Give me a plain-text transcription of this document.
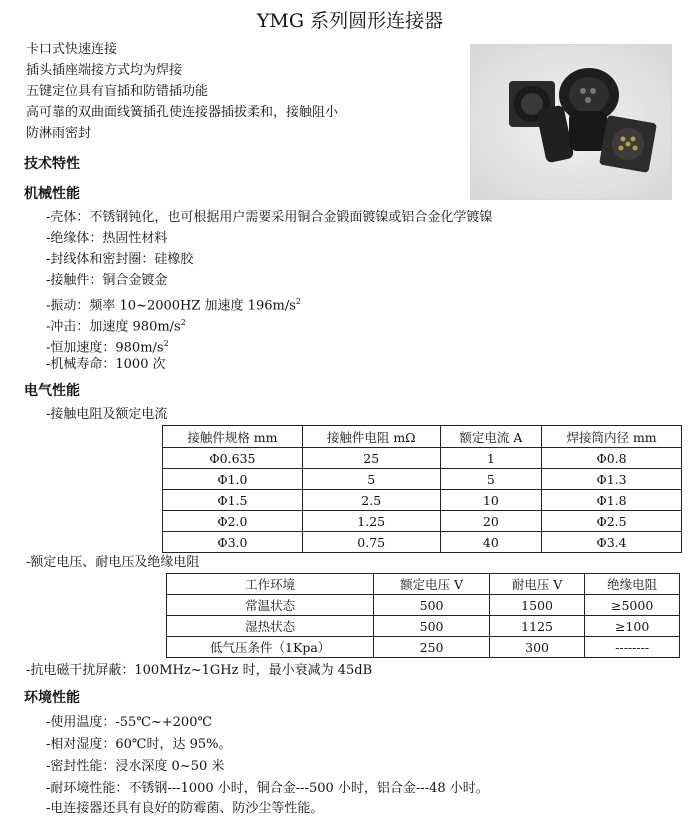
YMG 系列圆形连接器
卡口式快速连接
插头插座端接方式均为焊接
五键定位具有盲插和防错插功能
高可靠的双曲面线簧插孔使连接器插拔柔和，接触阻小
防淋雨密封
技术特性
机械性能
-壳体：不锈钢钝化，也可根据用户需要采用铜合金锻面镀镍或铝合金化学镀镍
-绝缘体：热固性材料
-封线体和密封圈：硅橡胶
-接触件：铜合金镀金
-振动：频率 10~2000HZ 加速度 $196m/s^2$
-冲击：加速度 $980m/s^2$
-恒加速度：$980m/s^2$
-机械寿命：1000 次
电气性能
-接触电阻及额定电流
接触件规格 mm	接触件电阻 mΩ	额定电流 A	焊接筒内径 mm
Φ0.635	25	1	Φ0.8
Φ1.0	5	5	Φ1.3
Φ1.5	2.5	10	Φ1.8
Φ2.0	1.25	20	Φ2.5
Φ3.0	0.75	40	Φ3.4
-额定电压、耐电压及绝缘电阻
工作环境	额定电压 V	耐电压 V	绝缘电阻
常温状态	500	1500	≥5000
湿热状态	500	1125	≥100
低气压条件（1Kpa）	250	300	--------
-抗电磁干扰屏蔽：100MHz~1GHz 时，最小衰减为 45dB
环境性能
-使用温度：-55℃~+200℃
-相对湿度：60℃时，达 95%。
-密封性能：浸水深度 0~50 米
-耐环境性能：不锈钢---1000 小时，铜合金---500 小时，铝合金---48 小时。
-电连接器还具有良好的防霉菌、防沙尘等性能。
